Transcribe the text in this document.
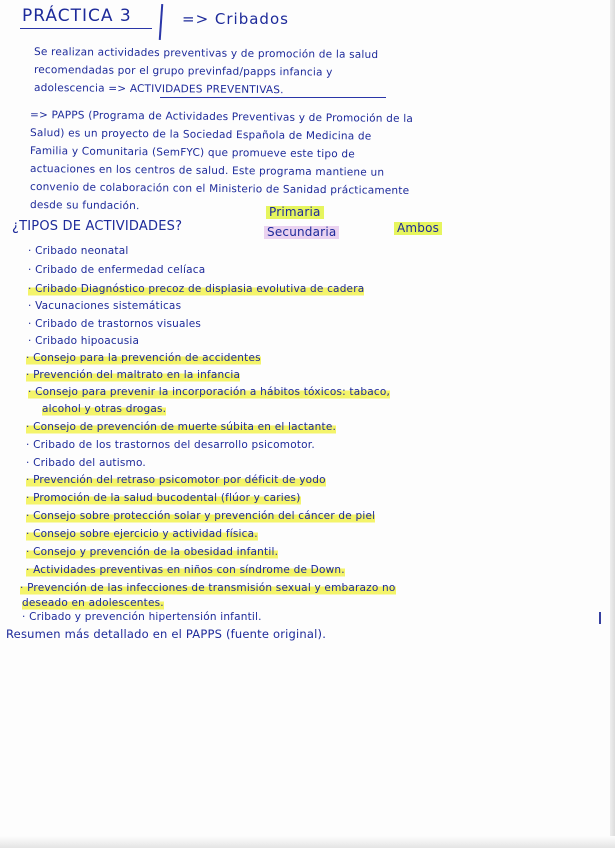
PRÁCTICA 3	=> Cribados
Se realizan actividades preventivas y de promoción de la salud
recomendadas por el grupo previnfad/papps infancia y
adolescencia => ACTIVIDADES PREVENTIVAS.
=> PAPPS (Programa de Actividades Preventivas y de Promoción de la
Salud) es un proyecto de la Sociedad Española de Medicina de
Familia y Comunitaria (SemFYC) que promueve este tipo de
actuaciones en los centros de salud. Este programa mantiene un
convenio de colaboración con el Ministerio de Sanidad prácticamente
desde su fundación.
¿TIPOS DE ACTIVIDADES?
Primaria
Secundaria	Ambos
· Cribado neonatal
· Cribado de enfermedad celíaca
· Cribado Diagnóstico precoz de displasia evolutiva de cadera
· Vacunaciones sistemáticas
· Cribado de trastornos visuales
· Cribado hipoacusia
· Consejo para la prevención de accidentes
· Prevención del maltrato en la infancia
· Consejo para prevenir la incorporación a hábitos tóxicos: tabaco,
alcohol y otras drogas.
· Consejo de prevención de muerte súbita en el lactante.
· Cribado de los trastornos del desarrollo psicomotor.
· Cribado del autismo.
· Prevención del retraso psicomotor por déficit de yodo
· Promoción de la salud bucodental (flúor y caries)
· Consejo sobre protección solar y prevención del cáncer de piel
· Consejo sobre ejercicio y actividad física.
· Consejo y prevención de la obesidad infantil.
· Actividades preventivas en niños con síndrome de Down.
· Prevención de las infecciones de transmisión sexual y embarazo no
deseado en adolescentes.
· Cribado y prevención hipertensión infantil.
Resumen más detallado en el PAPPS (fuente original).
